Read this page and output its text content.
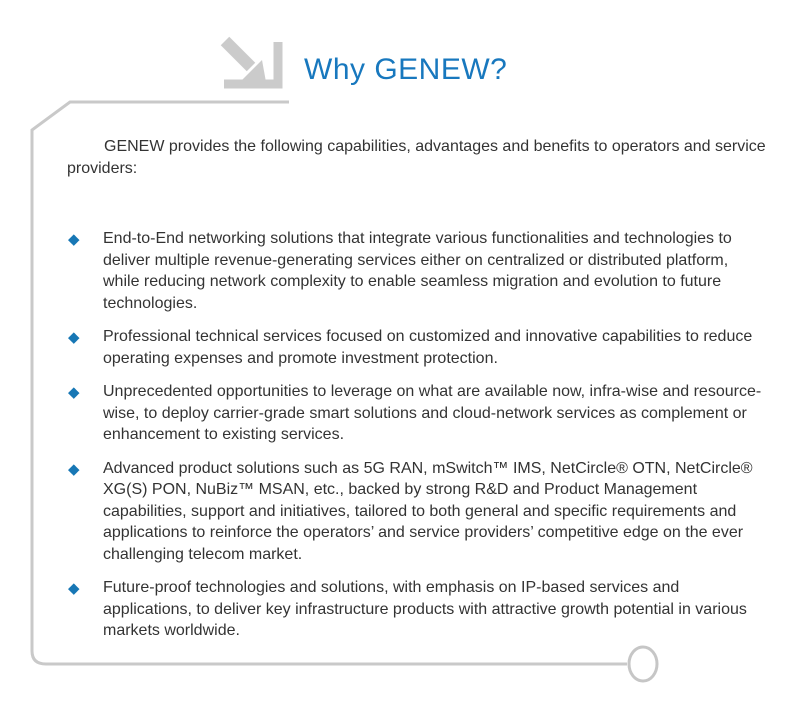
Why GENEW?

GENEW provides the following capabilities, advantages and benefits to operators and service providers:

◆ End-to-End networking solutions that integrate various functionalities and technologies to deliver multiple revenue-generating services either on centralized or distributed platform, while reducing network complexity to enable seamless migration and evolution to future technologies.
◆ Professional technical services focused on customized and innovative capabilities to reduce operating expenses and promote investment protection.
◆ Unprecedented opportunities to leverage on what are available now, infra-wise and resource-wise, to deploy carrier-grade smart solutions and cloud-network services as complement or enhancement to existing services.
◆ Advanced product solutions such as 5G RAN, mSwitch™ IMS, NetCircle® OTN, NetCircle® XG(S) PON, NuBiz™ MSAN, etc., backed by strong R&D and Product Management capabilities, support and initiatives, tailored to both general and specific requirements and applications to reinforce the operators’ and service providers’ competitive edge on the ever challenging telecom market.
◆ Future-proof technologies and solutions, with emphasis on IP-based services and applications, to deliver key infrastructure products with attractive growth potential in various markets worldwide.
